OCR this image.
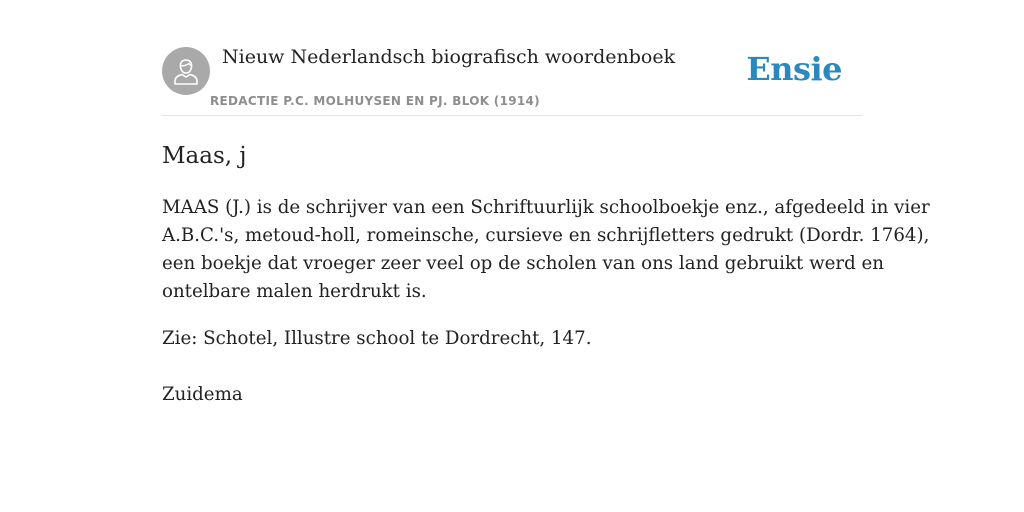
Nieuw Nederlandsch biografisch woordenboek
REDACTIE P.C. MOLHUYSEN EN PJ. BLOK (1914)
Ensie
Maas, j

MAAS (J.) is de schrijver van een Schriftuurlijk schoolboekje enz., afgedeeld in vier
A.B.C.'s, metoud-holl, romeinsche, cursieve en schrijfletters gedrukt (Dordr. 1764),
een boekje dat vroeger zeer veel op de scholen van ons land gebruikt werd en
ontelbare malen herdrukt is.

Zie: Schotel, Illustre school te Dordrecht, 147.

Zuidema
